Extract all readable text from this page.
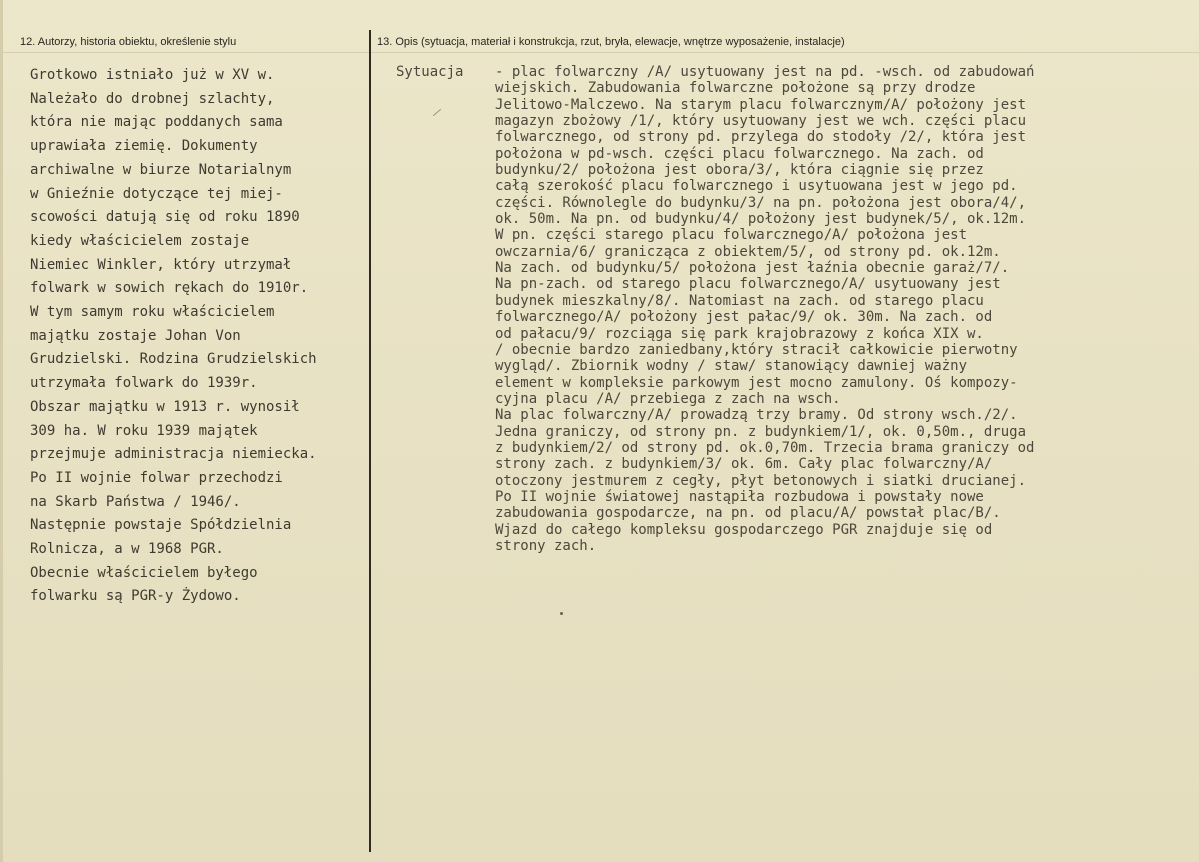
12. Autorzy, historia obiektu, określenie stylu	13. Opis (sytuacja, materiał i konstrukcja, rzut, bryła, elewacje, wnętrze wyposażenie, instalacje)
Grotkowo istniało już w XV w.
Należało do drobnej szlachty,
która nie mając poddanych sama
uprawiała ziemię. Dokumenty
archiwalne w biurze Notarialnym
w Gnieźnie dotyczące tej miej-
scowości datują się od roku 1890
kiedy właścicielem zostaje
Niemiec Winkler, który utrzymał
folwark w sowich rękach do 1910r.
W tym samym roku właścicielem
majątku zostaje Johan Von
Grudzielski. Rodzina Grudzielskich
utrzymała folwark do 1939r.
Obszar majątku w 1913 r. wynosił
309 ha. W roku 1939 majątek
przejmuje administracja niemiecka.
Po II wojnie folwar przechodzi
na Skarb Państwa / 1946/.
Następnie powstaje Spółdzielnia
Rolnicza, a w 1968 PGR.
Obecnie właścicielem byłego
folwarku są PGR-y Żydowo.
Sytuacja - plac folwarczny /A/ usytuowany jest na pd. -wsch. od zabudowań
wiejskich. Zabudowania folwarczne położone są przy drodze
Jelitowo-Malczewo. Na starym placu folwarcznym/A/ położony jest
magazyn zbożowy /1/, który usytuowany jest we wch. części placu
folwarcznego, od strony pd. przylega do stodoły /2/, która jest
położona w pd-wsch. części placu folwarcznego. Na zach. od
budynku/2/ położona jest obora/3/, która ciągnie się przez
całą szerokość placu folwarcznego i usytuowana jest w jego pd.
części. Równolegle do budynku/3/ na pn. położona jest obora/4/,
ok. 50m. Na pn. od budynku/4/ położony jest budynek/5/, ok.12m.
W pn. części starego placu folwarcznego/A/ położona jest
owczarnia/6/ granicząca z obiektem/5/, od strony pd. ok.12m.
Na zach. od budynku/5/ położona jest łaźnia obecnie garaż/7/.
Na pn-zach. od starego placu folwarcznego/A/ usytuowany jest
budynek mieszkalny/8/. Natomiast na zach. od starego placu
folwarcznego/A/ położony jest pałac/9/ ok. 30m. Na zach. od
od pałacu/9/ rozciąga się park krajobrazowy z końca XIX w.
/ obecnie bardzo zaniedbany,który stracił całkowicie pierwotny
wygląd/. Zbiornik wodny / staw/ stanowiący dawniej ważny
element w kompleksie parkowym jest mocno zamulony. Oś kompozy-
cyjna placu /A/ przebiega z zach na wsch.
Na plac folwarczny/A/ prowadzą trzy bramy. Od strony wsch./2/.
Jedna graniczy, od strony pn. z budynkiem/1/, ok. 0,50m., druga
z budynkiem/2/ od strony pd. ok.0,70m. Trzecia brama graniczy od
strony zach. z budynkiem/3/ ok. 6m. Cały plac folwarczny/A/
otoczony jestmurem z cegły, płyt betonowych i siatki drucianej.
Po II wojnie światowej nastąpiła rozbudowa i powstały nowe
zabudowania gospodarcze, na pn. od placu/A/ powstał plac/B/.
Wjazd do całego kompleksu gospodarczego PGR znajduje się od
strony zach.
